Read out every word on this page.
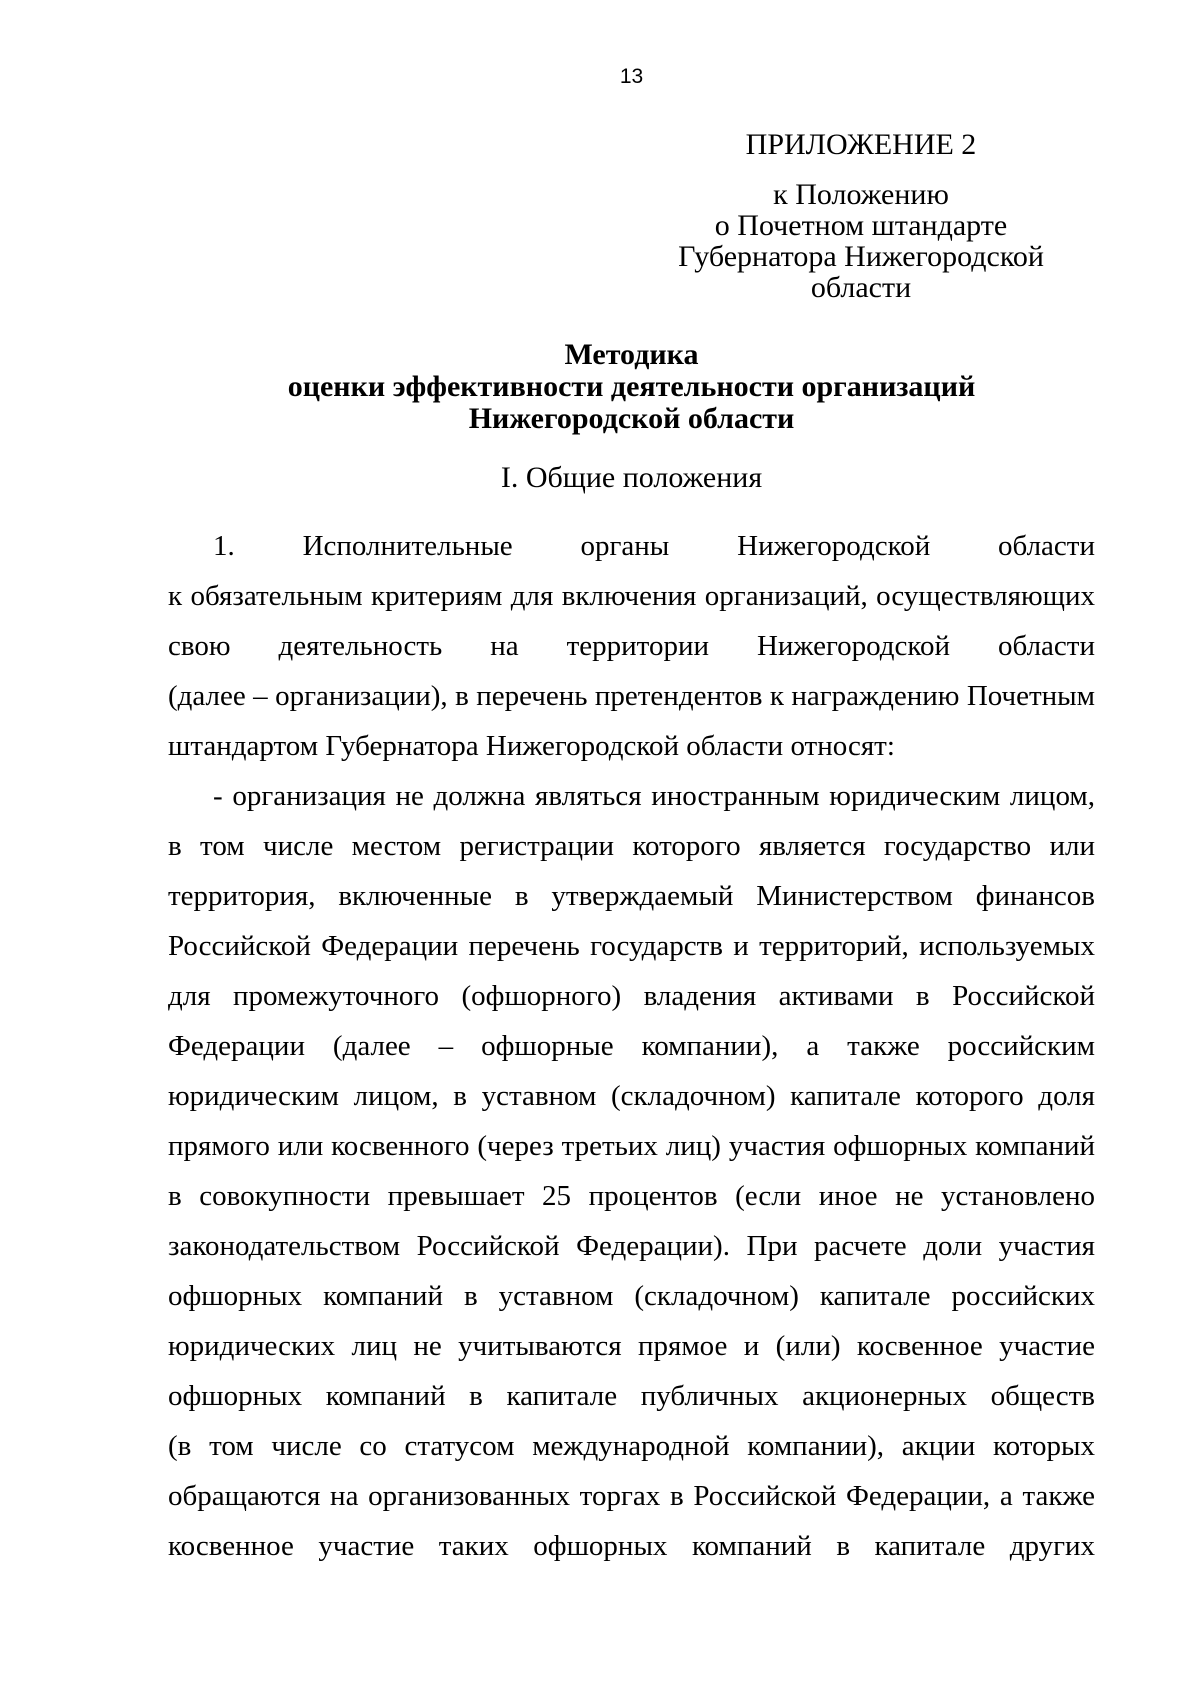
13
ПРИЛОЖЕНИЕ 2
к Положению
о Почетном штандарте
Губернатора Нижегородской области
Методика
оценки эффективности деятельности организаций
Нижегородской области
I. Общие положения
1. Исполнительные органы Нижегородской области
к обязательным критериям для включения организаций, осуществляющих
свою деятельность на территории Нижегородской области
(далее – организации), в перечень претендентов к награждению Почетным
штандартом Губернатора Нижегородской области относят:
- организация не должна являться иностранным юридическим лицом,
в том числе местом регистрации которого является государство или
территория, включенные в утверждаемый Министерством финансов
Российской Федерации перечень государств и территорий, используемых
для промежуточного (офшорного) владения активами в Российской
Федерации (далее – офшорные компании), а также российским
юридическим лицом, в уставном (складочном) капитале которого доля
прямого или косвенного (через третьих лиц) участия офшорных компаний
в совокупности превышает 25 процентов (если иное не установлено
законодательством Российской Федерации). При расчете доли участия
офшорных компаний в уставном (складочном) капитале российских
юридических лиц не учитываются прямое и (или) косвенное участие
офшорных компаний в капитале публичных акционерных обществ
(в том числе со статусом международной компании), акции которых
обращаются на организованных торгах в Российской Федерации, а также
косвенное участие таких офшорных компаний в капитале других
